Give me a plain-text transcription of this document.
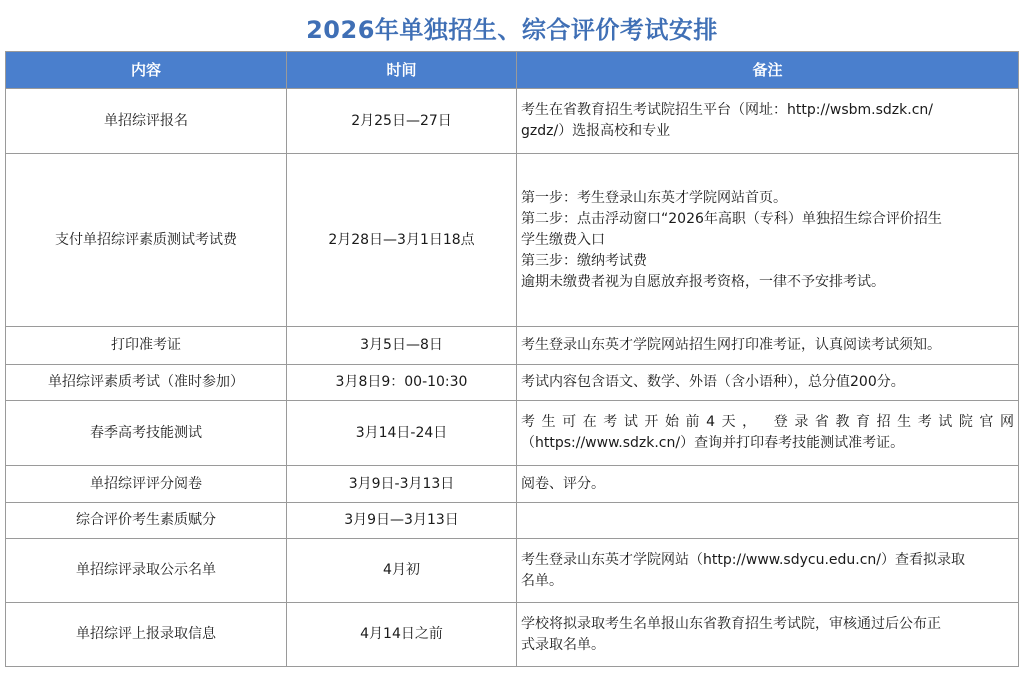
2026年单独招生、综合评价考试安排
内容	时间	备注
单招综评报名	2月25日—27日	考生在省教育招生考试院招生平台（网址：http://wsbm.sdzk.cn/
gzdz/）选报高校和专业

支付单招综评素质测试考试费	2月28日—3月1日18点	第一步：考生登录山东英才学院网站首页。
第二步：点击浮动窗口“2026年高职（专科）单独招生综合评价招生
学生缴费入口
第三步：缴纳考试费
逾期未缴费者视为自愿放弃报考资格，一律不予安排考试。

打印准考证	3月5日—8日	考生登录山东英才学院网站招生网打印准考证，认真阅读考试须知。

单招综评素质考试（准时参加）	3月8日9：00-10:30	考试内容包含语文、数学、外语（含小语种），总分值200分。

春季高考技能测试	3月14日-24日	考生可在考试开始前4天， 登录省教育招生考试院官网
（https://www.sdzk.cn/）查询并打印春考技能测试准考证。

单招综评评分阅卷	3月9日-3月13日	阅卷、评分。

综合评价考生素质赋分	3月9日—3月13日	
单招综评录取公示名单	4月初	考生登录山东英才学院网站（http://www.sdycu.edu.cn/）查看拟录取
名单。

单招综评上报录取信息	4月14日之前	学校将拟录取考生名单报山东省教育招生考试院，审核通过后公布正
式录取名单。
